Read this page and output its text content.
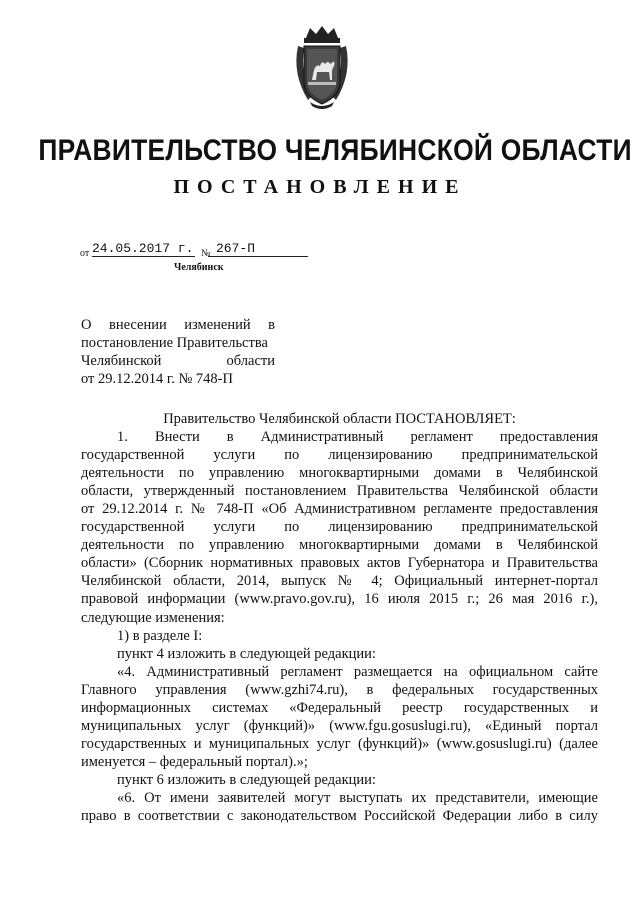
ПРАВИТЕЛЬСТВО ЧЕЛЯБИНСКОЙ ОБЛАСТИ
ПОСТАНОВЛЕНИЕ
от 24.05.2017 г. № 267-П
Челябинск
О внесении изменений в
постановление Правительства
Челябинской области
от 29.12.2014 г. № 748-П
Правительство Челябинской области ПОСТАНОВЛЯЕТ:
1. Внести в Административный регламент предоставления
государственной услуги по лицензированию предпринимательской
деятельности по управлению многоквартирными домами в Челябинской
области, утвержденный постановлением Правительства Челябинской области
от 29.12.2014 г. № 748-П «Об Административном регламенте предоставления
государственной услуги по лицензированию предпринимательской
деятельности по управлению многоквартирными домами в Челябинской
области» (Сборник нормативных правовых актов Губернатора и Правительства
Челябинской области, 2014, выпуск № 4; Официальный интернет-портал
правовой информации (www.pravo.gov.ru), 16 июля 2015 г.; 26 мая 2016 г.),
следующие изменения:
1) в разделе I:
пункт 4 изложить в следующей редакции:
«4. Административный регламент размещается на официальном сайте
Главного управления (www.gzhi74.ru), в федеральных государственных
информационных системах «Федеральный реестр государственных и
муниципальных услуг (функций)» (www.fgu.gosuslugi.ru), «Единый портал
государственных и муниципальных услуг (функций)» (www.gosuslugi.ru) (далее
именуется – федеральный портал).»;
пункт 6 изложить в следующей редакции:
«6. От имени заявителей могут выступать их представители, имеющие
право в соответствии с законодательством Российской Федерации либо в силу
